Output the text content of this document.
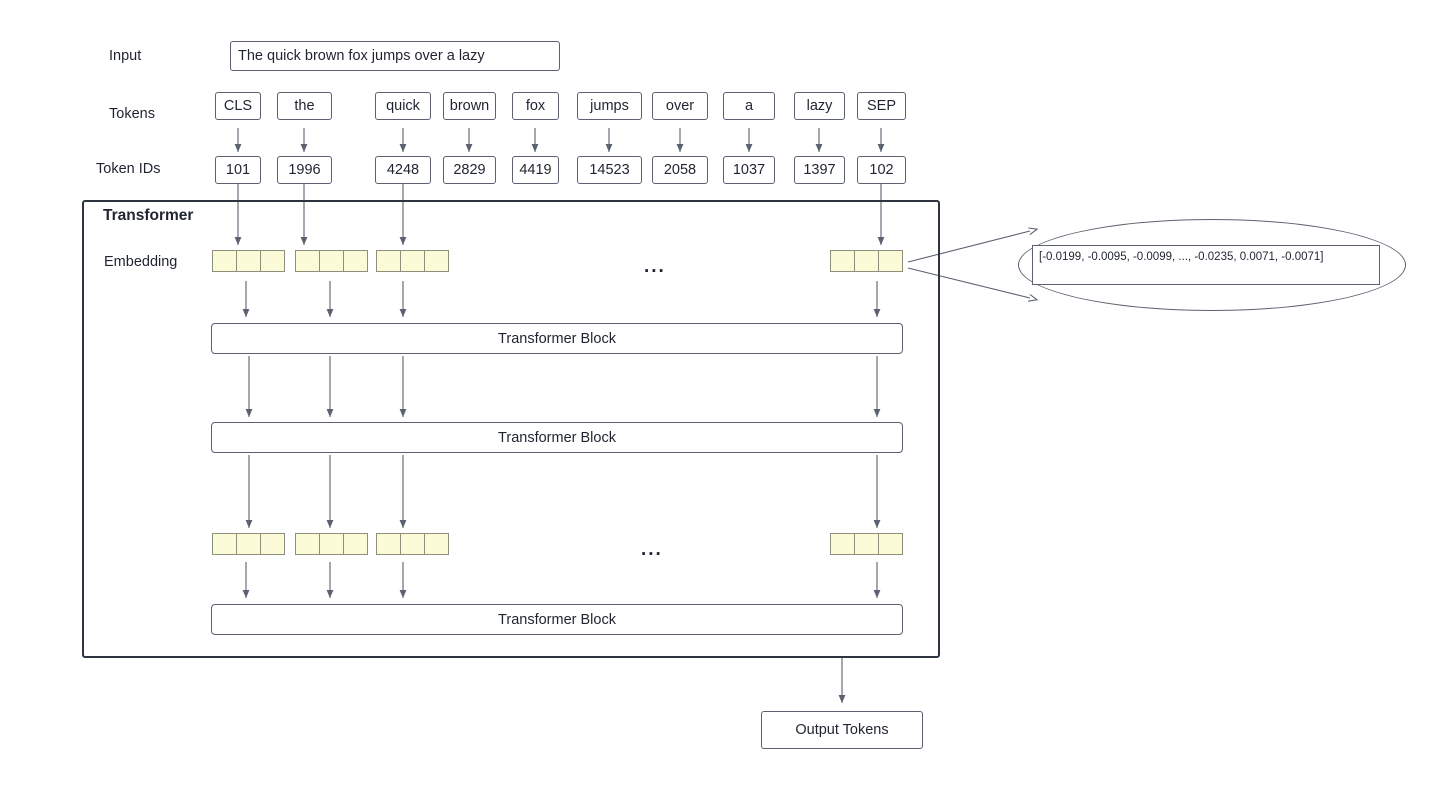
Input
Tokens
Token IDs
Embedding
The quick brown fox jumps over a lazy
CLS	the	quick	brown	fox	jumps	over	a	lazy	SEP
101	1996	4248	2829	4419	14523	2058	1037	1397	102
Transformer
...
...
Transformer Block
Transformer Block
Transformer Block
[-0.0199, -0.0095, -0.0099, ..., -0.0235, 0.0071, -0.0071]
Output Tokens
